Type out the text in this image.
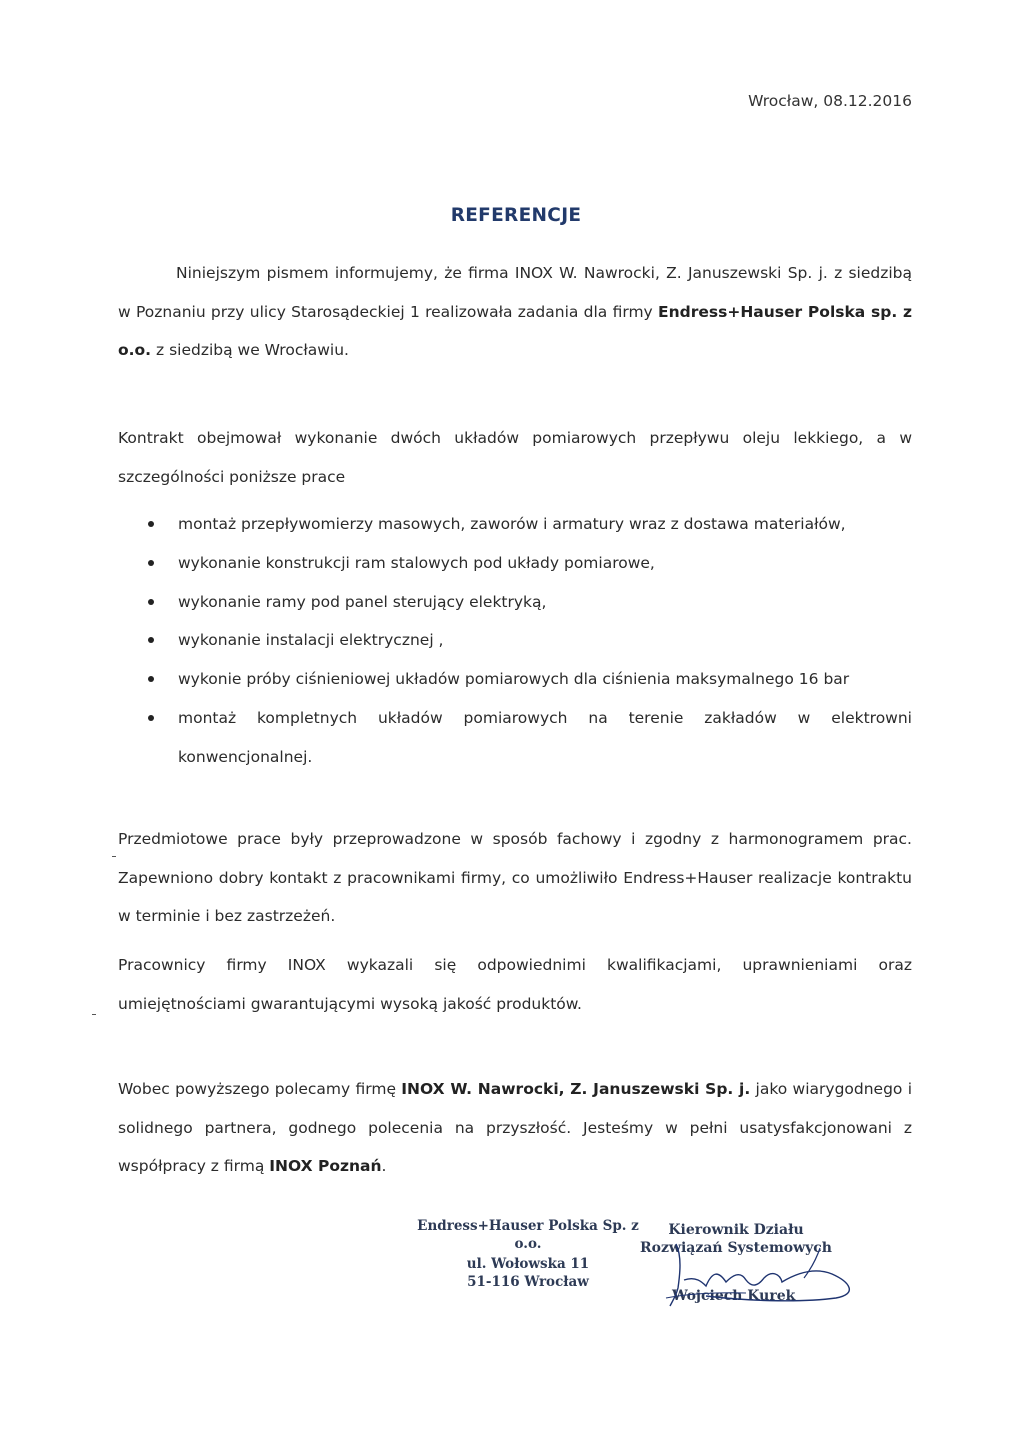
Wrocław, 08.12.2016
REFERENCJE

Niniejszym pismem informujemy, że firma INOX W. Nawrocki, Z. Januszewski Sp. j. z siedzibą w Poznaniu przy ulicy Starosądeckiej 1 realizowała zadania dla firmy Endress+Hauser Polska sp. z o.o. z siedzibą we Wrocławiu.

Kontrakt obejmował wykonanie dwóch układów pomiarowych przepływu oleju lekkiego, a w szczególności poniższe prace

montaż przepływomierzy masowych, zaworów i armatury wraz z dostawa materiałów,
wykonanie konstrukcji ram stalowych pod układy pomiarowe,
wykonanie ramy pod panel sterujący elektryką,
wykonanie instalacji elektrycznej ,
wykonie próby ciśnieniowej układów pomiarowych dla ciśnienia maksymalnego 16 bar
montaż kompletnych układów pomiarowych na terenie zakładów w elektrowni konwencjonalnej.

Przedmiotowe prace były przeprowadzone w sposób fachowy i zgodny z harmonogramem prac. Zapewniono dobry kontakt z pracownikami firmy, co umożliwiło Endress+Hauser realizacje kontraktu w terminie i bez zastrzeżeń.

Pracownicy firmy INOX wykazali się odpowiednimi kwalifikacjami, uprawnieniami oraz umiejętnościami gwarantującymi wysoką jakość produktów.

Wobec powyższego polecamy firmę INOX W. Nawrocki, Z. Januszewski Sp. j. jako wiarygodnego i solidnego partnera, godnego polecenia na przyszłość. Jesteśmy w pełni usatysfakcjonowani z współpracy z firmą INOX Poznań.

Endress+Hauser Polska Sp. z o.o.
ul. Wołowska 11
51-116 Wrocław
Kierownik Działu
Rozwiązań Systemowych
Wojciech Kurek
